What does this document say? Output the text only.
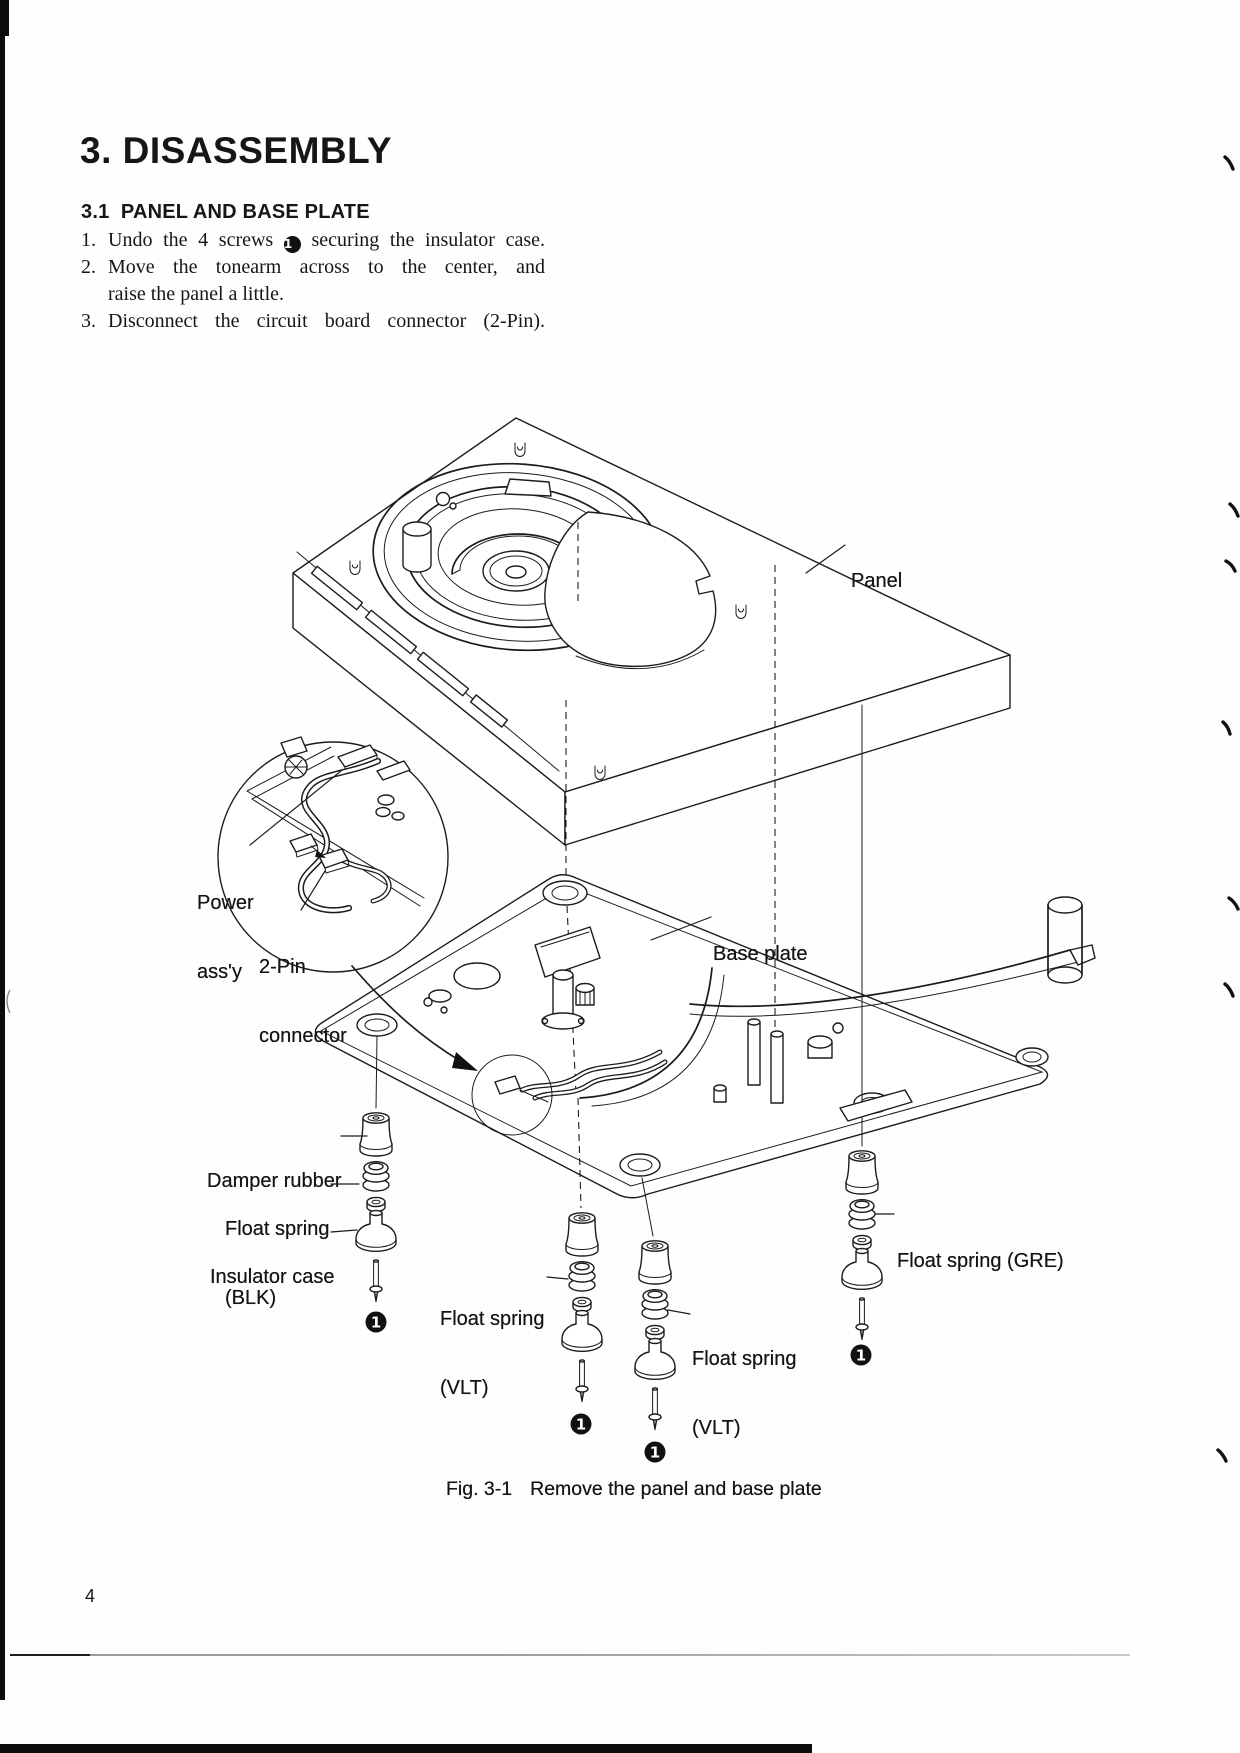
3. DISASSEMBLY
3.1  PANEL AND BASE PLATE
1. Undo the 4 screws 1 securing the insulator case.
2. Move the tonearm across to the center, and
raise the panel a little.
3. Disconnect the circuit board connector (2-Pin).
1
1
1
1

Panel

Base plate

Power

ass'y

2-Pin

connector

Damper rubber

Float spring

(BLK)

Insulator case

Float spring

(VLT)

Float spring

(VLT)

Float spring (GRE)

Fig. 3-1 Remove the panel and base plate
4
